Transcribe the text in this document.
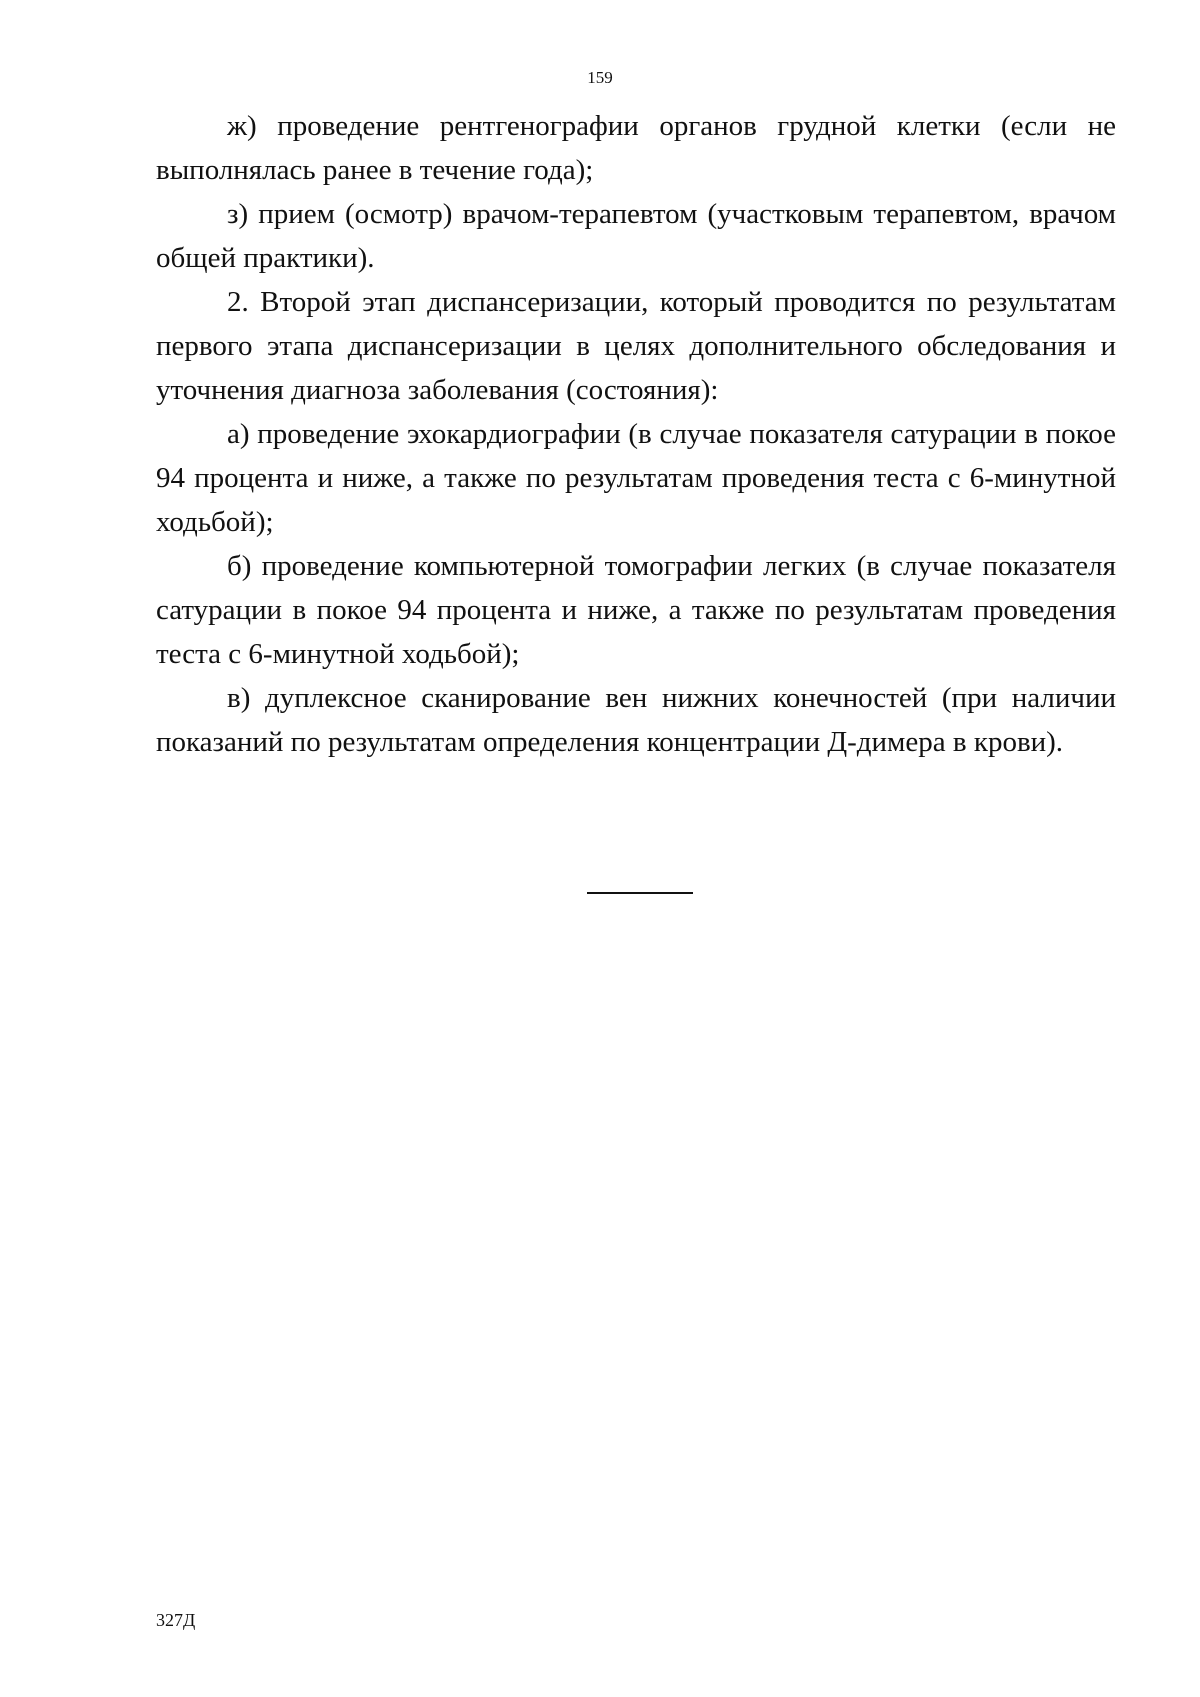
159

ж) проведение рентгенографии органов грудной клетки (если не выполнялась ранее в течение года);

з) прием (осмотр) врачом-терапевтом (участковым терапевтом, врачом общей практики).

2. Второй этап диспансеризации, который проводится по результатам первого этапа диспансеризации в целях дополнительного обследования и уточнения диагноза заболевания (состояния):

а) проведение эхокардиографии (в случае показателя сатурации в покое 94 процента и ниже, а также по результатам проведения теста с 6-минутной ходьбой);

б) проведение компьютерной томографии легких (в случае показателя сатурации в покое 94 процента и ниже, а также по результатам проведения теста с 6-минутной ходьбой);

в) дуплексное сканирование вен нижних конечностей (при наличии показаний по результатам определения концентрации Д-димера в крови).

327Д
